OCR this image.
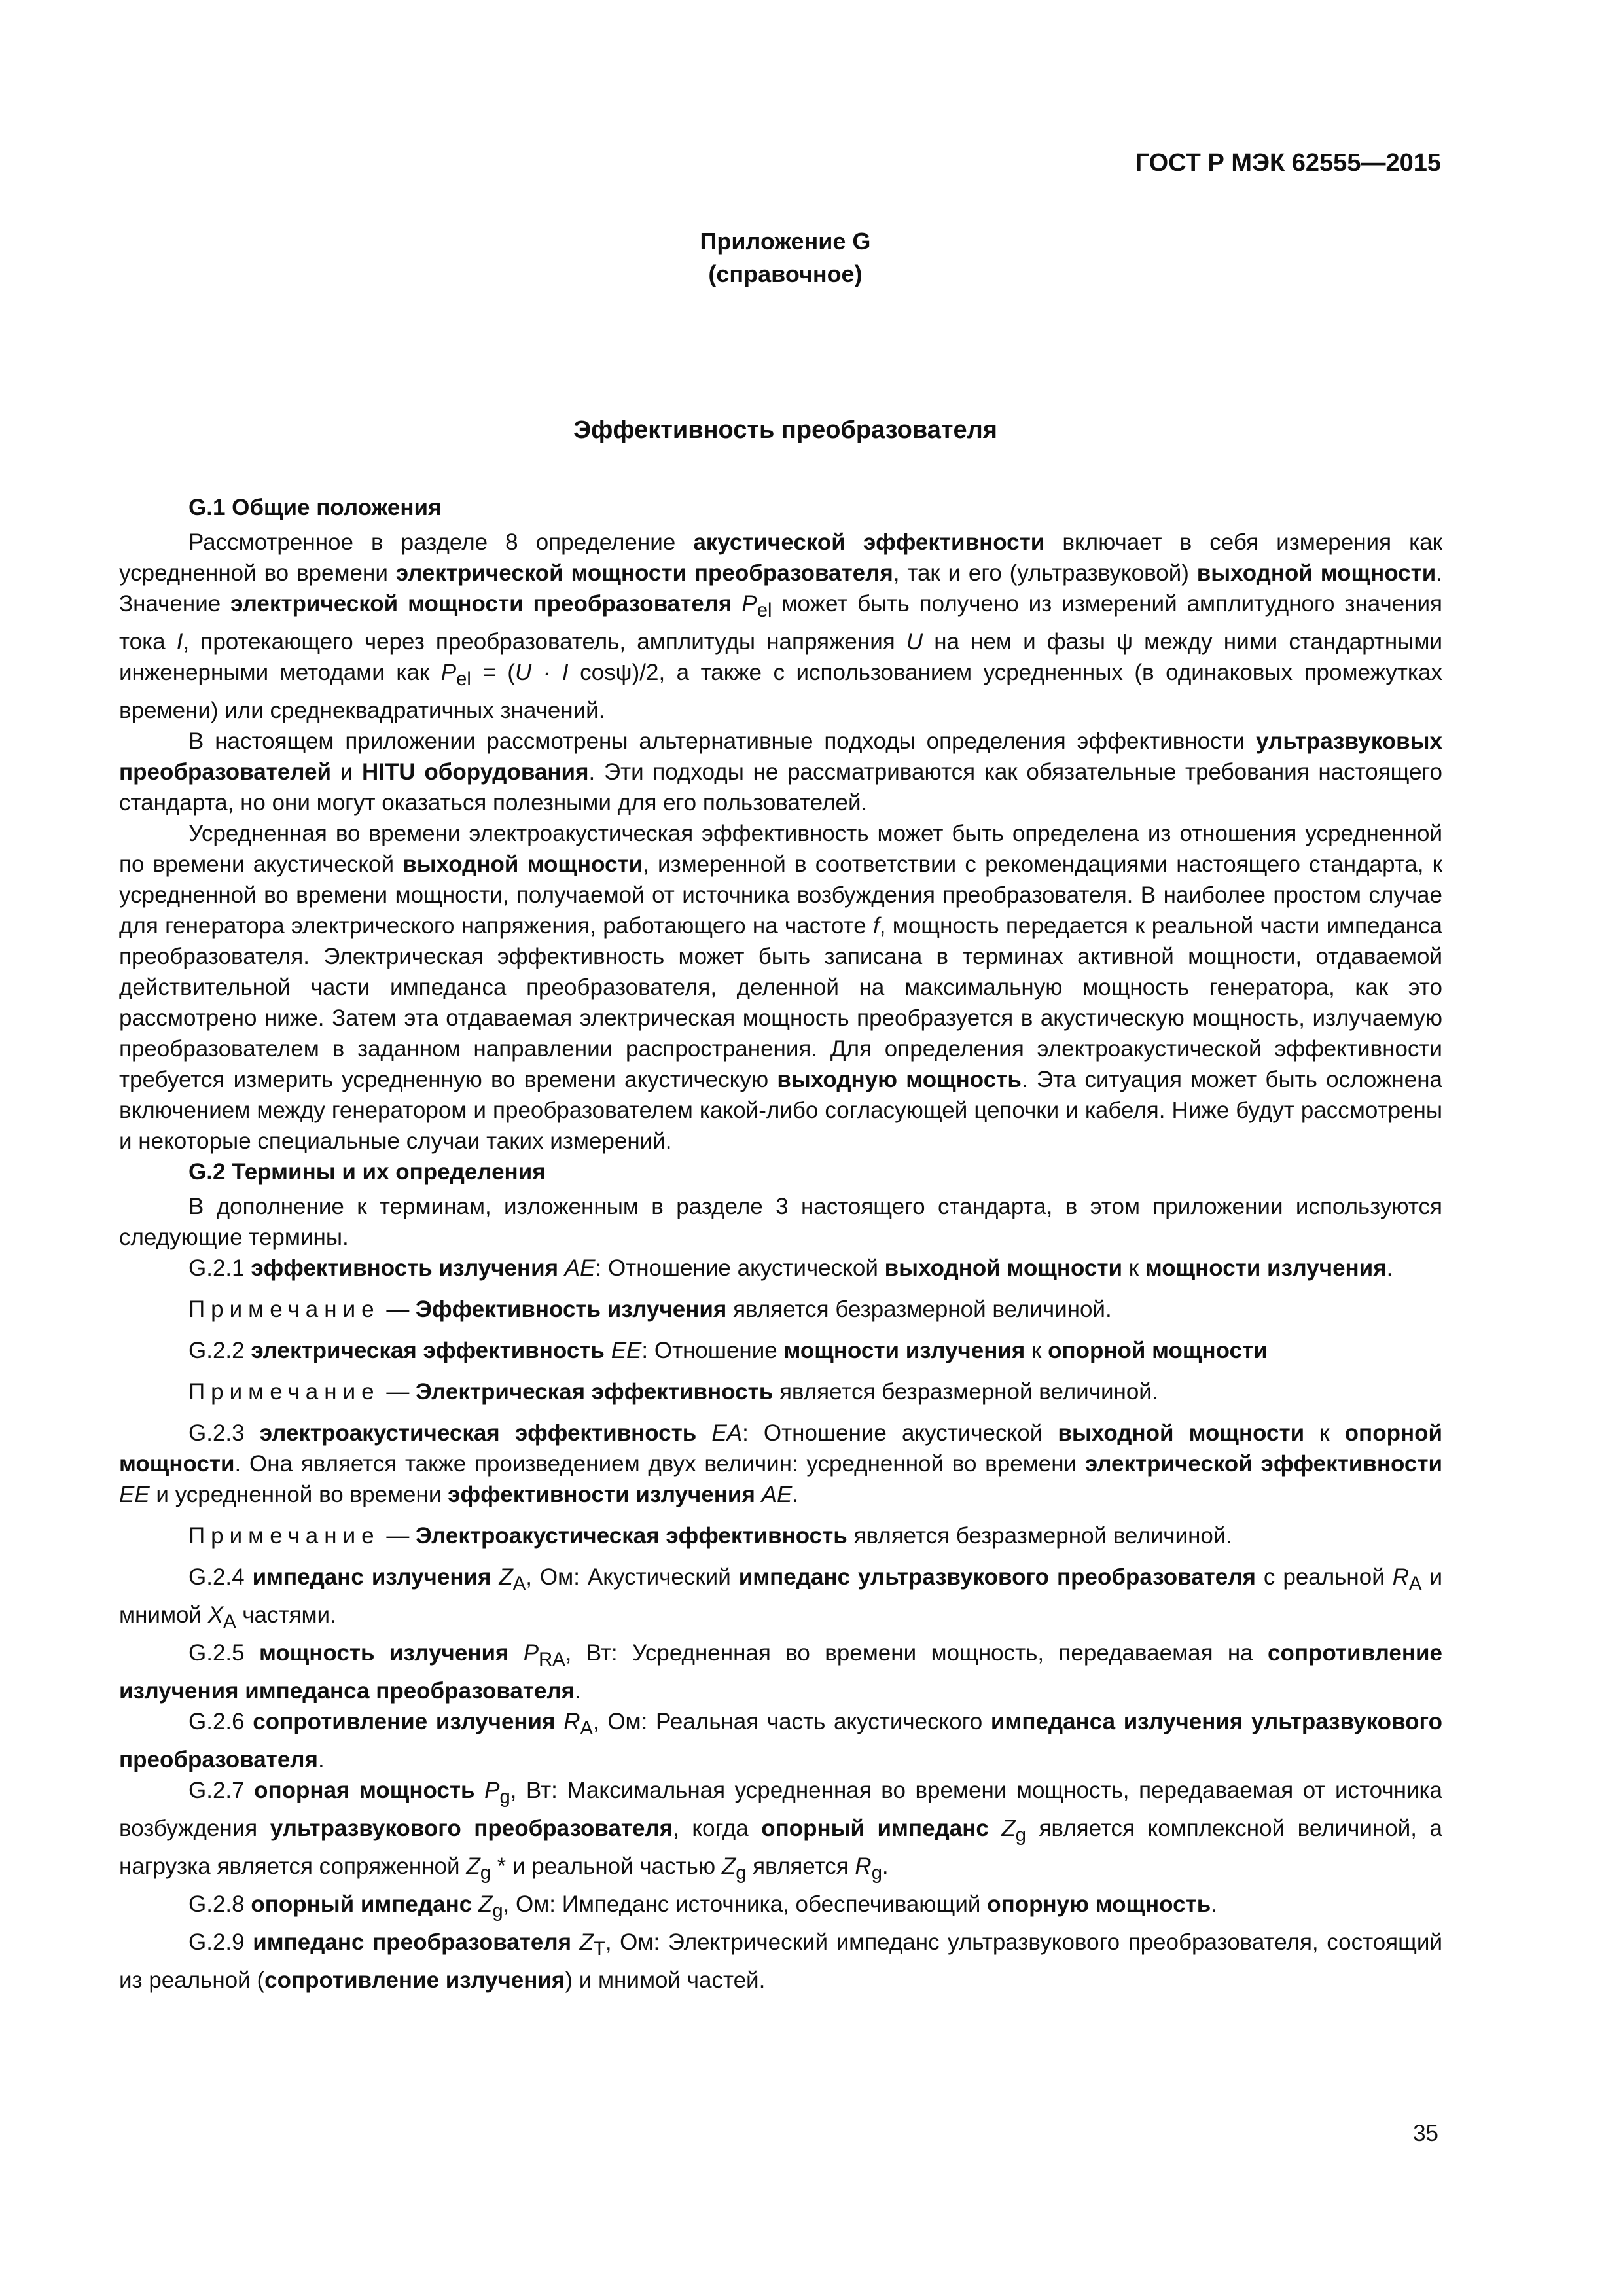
ГОСТ Р МЭК 62555—2015
Приложение G
(справочное)
Эффективность преобразователя

G.1 Общие положения

Рассмотренное в разделе 8 определение акустической эффективности включает в себя измерения как усредненной во времени электрической мощности преобразователя, так и его (ультразвуковой) выходной мощности. Значение электрической мощности преобразователя $P_{el}$ может быть получено из измерений амплитудного значения тока I, протекающего через преобразователь, амплитуды напряжения U на нем и фазы ψ между ними стандартными инженерными методами как $P_{el} = (U \cdot I$ cosψ)/2, а также с использованием усредненных (в одинаковых промежутках времени) или среднеквадратичных значений.

В настоящем приложении рассмотрены альтернативные подходы определения эффективности ультразвуковых преобразователей и HITU оборудования. Эти подходы не рассматриваются как обязательные требования настоящего стандарта, но они могут оказаться полезными для его пользователей.

Усредненная во времени электроакустическая эффективность может быть определена из отношения усредненной по времени акустической выходной мощности, измеренной в соответствии с рекомендациями настоящего стандарта, к усредненной во времени мощности, получаемой от источника возбуждения преобразователя. В наиболее простом случае для генератора электрического напряжения, работающего на частоте f, мощность передается к реальной части импеданса преобразователя. Электрическая эффективность может быть записана в терминах активной мощности, отдаваемой действительной части импеданса преобразователя, деленной на максимальную мощность генератора, как это рассмотрено ниже. Затем эта отдаваемая электрическая мощность преобразуется в акустическую мощность, излучаемую преобразователем в заданном направлении распространения. Для определения электроакустической эффективности требуется измерить усредненную во времени акустическую выходную мощность. Эта ситуация может быть осложнена включением между генератором и преобразователем какой-либо согласующей цепочки и кабеля. Ниже будут рассмотрены и некоторые специальные случаи таких измерений.

G.2 Термины и их определения

В дополнение к терминам, изложенным в разделе 3 настоящего стандарта, в этом приложении используются следующие термины.

G.2.1 эффективность излучения AE: Отношение акустической выходной мощности к мощности излучения.

Примечание — Эффективность излучения является безразмерной величиной.

G.2.2 электрическая эффективность EE: Отношение мощности излучения к опорной мощности

Примечание — Электрическая эффективность является безразмерной величиной.

G.2.3 электроакустическая эффективность EA: Отношение акустической выходной мощности к опорной мощности. Она является также произведением двух величин: усредненной во времени электрической эффективности EE и усредненной во времени эффективности излучения AE.

Примечание — Электроакустическая эффективность является безразмерной величиной.

G.2.4 импеданс излучения $Z_A$, Ом: Акустический импеданс ультразвукового преобразователя с реальной $R_A$ и мнимой $X_A$ частями.

G.2.5 мощность излучения $P_{RA}$, Вт: Усредненная во времени мощность, передаваемая на сопротивление излучения импеданса преобразователя.

G.2.6 сопротивление излучения $R_A$, Ом: Реальная часть акустического импеданса излучения ультразвукового преобразователя.

G.2.7 опорная мощность $P_g$, Вт: Максимальная усредненная во времени мощность, передаваемая от источника возбуждения ультразвукового преобразователя, когда опорный импеданс $Z_g$ является комплексной величиной, а нагрузка является сопряженной $Z_g$ * и реальной частью $Z_g$ является $R_g$.

G.2.8 опорный импеданс $Z_g$, Ом: Импеданс источника, обеспечивающий опорную мощность.

G.2.9 импеданс преобразователя $Z_T$, Ом: Электрический импеданс ультразвукового преобразователя, состоящий из реальной (сопротивление излучения) и мнимой частей.

35
